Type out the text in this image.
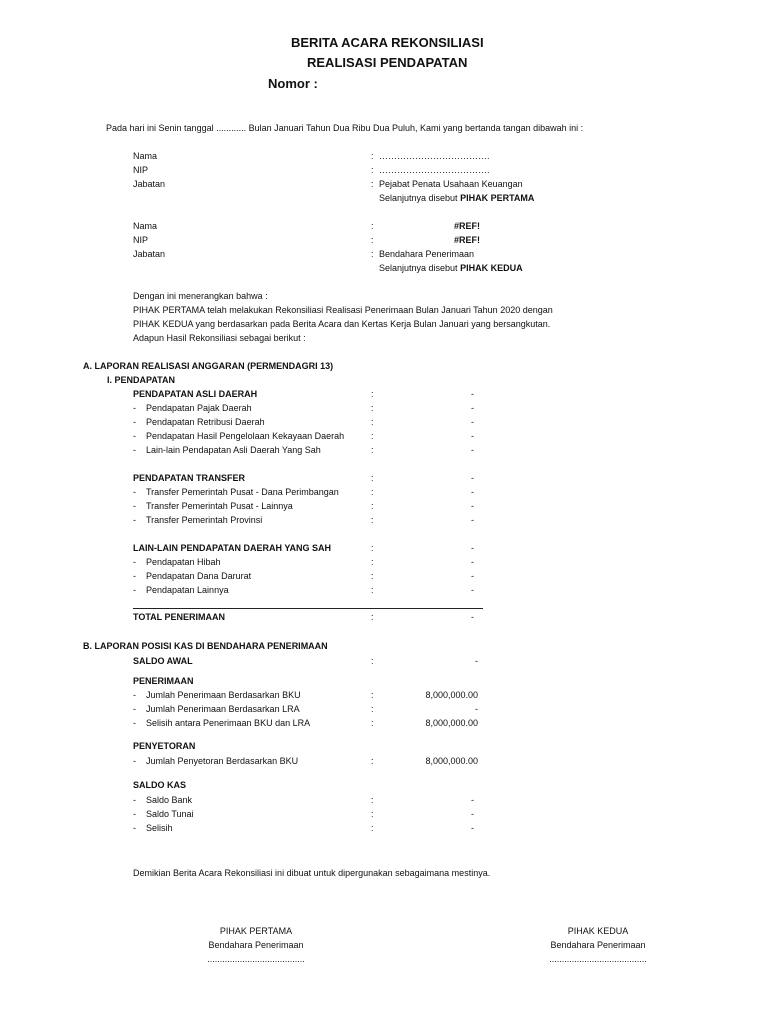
BERITA ACARA REKONSILIASI
REALISASI PENDAPATAN
Nomor :
Pada hari ini Senin tanggal ............ Bulan Januari Tahun Dua Ribu Dua Puluh, Kami yang bertanda tangan dibawah ini :
Nama	: ……………………………….
NIP	: ……………………………….
Jabatan	: Pejabat Penata Usahaan Keuangan
Selanjutnya disebut PIHAK PERTAMA
Nama	:	#REF!
NIP	:	#REF!
Jabatan	: Bendahara Penerimaan
Selanjutnya disebut PIHAK KEDUA
Dengan ini menerangkan bahwa :
PIHAK PERTAMA telah melakukan Rekonsiliasi Realisasi Penerimaan Bulan Januari Tahun 2020 dengan
PIHAK KEDUA yang berdasarkan pada Berita Acara dan Kertas Kerja Bulan Januari yang bersangkutan.
Adapun Hasil Rekonsiliasi sebagai berikut :
A. LAPORAN REALISASI ANGGARAN (PERMENDAGRI 13)
I. PENDAPATAN
PENDAPATAN ASLI DAERAH	:	-
- Pendapatan Pajak Daerah	:	-
- Pendapatan Retribusi Daerah	:	-
- Pendapatan Hasil Pengelolaan Kekayaan Daerah	:	-
- Lain-lain Pendapatan Asli Daerah Yang Sah	:	-
PENDAPATAN TRANSFER	:	-
- Transfer Pemerintah Pusat - Dana Perimbangan	:	-
- Transfer Pemerintah Pusat - Lainnya	:	-
- Transfer Pemerintah Provinsi	:	-
LAIN-LAIN PENDAPATAN DAERAH YANG SAH	:	-
- Pendapatan Hibah	:	-
- Pendapatan Dana Darurat	:	-
- Pendapatan Lainnya	:	-
TOTAL PENERIMAAN	:	-
B. LAPORAN POSISI KAS DI BENDAHARA PENERIMAAN
SALDO AWAL	:	-
PENERIMAAN
- Jumlah Penerimaan Berdasarkan BKU	:	8,000,000.00
- Jumlah Penerimaan Berdasarkan LRA	:	-
- Selisih antara Penerimaan BKU dan LRA	:	8,000,000.00
PENYETORAN
- Jumlah Penyetoran Berdasarkan BKU	:	8,000,000.00
SALDO KAS
- Saldo Bank	:	-
- Saldo Tunai	:	-
- Selisih	:	-
Demikian Berita Acara Rekonsiliasi ini dibuat untuk dipergunakan sebagaimana mestinya.
PIHAK PERTAMA
Bendahara Penerimaan
.......................................
PIHAK KEDUA
Bendahara Penerimaan
.......................................
